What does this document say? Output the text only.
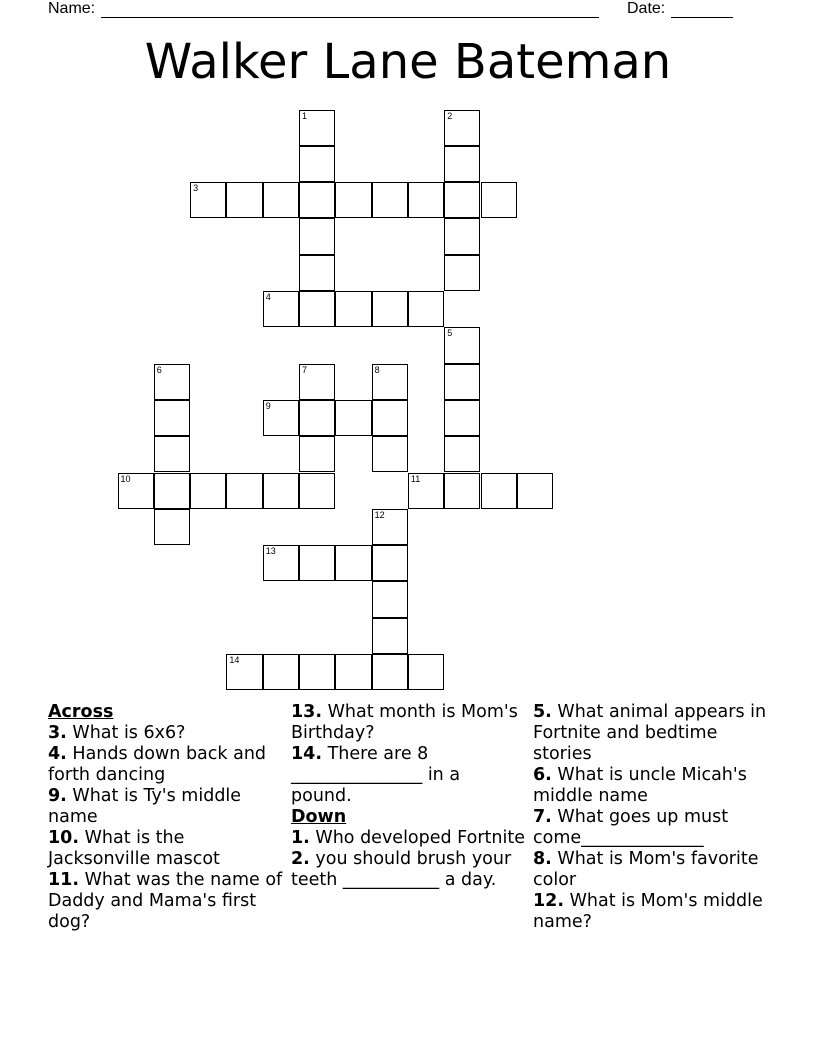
Name:	Date:
Walker Lane Bateman
1	2
3
4
5
6	7	8
9
10	11
12
13
14
Across
3. What is 6x6?
4. Hands down back and forth dancing
9. What is Ty's middle name
10. What is the Jacksonville mascot
11. What was the name of Daddy and Mama's first dog?
13. What month is Mom's Birthday?
14. There are 8 _______________ in a pound.
Down
1. Who developed Fortnite
2. you should brush your teeth ___________ a day.
5. What animal appears in Fortnite and bedtime stories
6. What is uncle Micah's middle name
7. What goes up must come______________
8. What is Mom's favorite color
12. What is Mom's middle name?
